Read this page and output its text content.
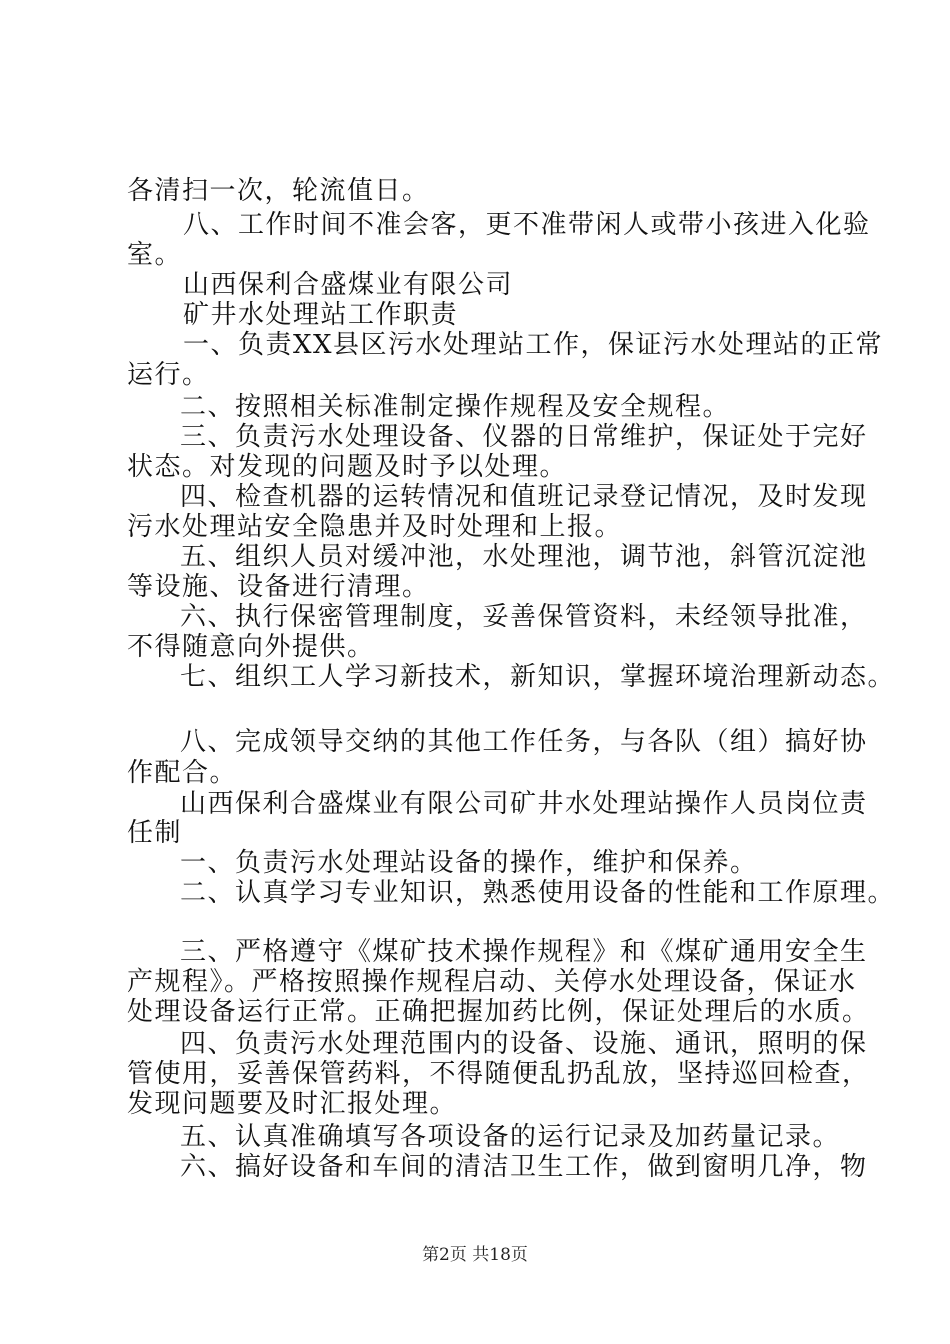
各清扫一次，轮流值日。
八、工作时间不准会客，更不准带闲人或带小孩进入化验
室。
山西保利合盛煤业有限公司
矿井水处理站工作职责
一、负责XX县区污水处理站工作，保证污水处理站的正常
运行。
二、按照相关标准制定操作规程及安全规程。
三、负责污水处理设备、仪器的日常维护，保证处于完好
状态。对发现的问题及时予以处理。
四、检查机器的运转情况和值班记录登记情况，及时发现
污水处理站安全隐患并及时处理和上报。
五、组织人员对缓冲池，水处理池，调节池，斜管沉淀池
等设施、设备进行清理。
六、执行保密管理制度，妥善保管资料，未经领导批准，
不得随意向外提供。
七、组织工人学习新技术，新知识，掌握环境治理新动态。
八、完成领导交纳的其他工作任务，与各队（组）搞好协
作配合。
山西保利合盛煤业有限公司矿井水处理站操作人员岗位责
任制
一、负责污水处理站设备的操作，维护和保养。
二、认真学习专业知识，熟悉使用设备的性能和工作原理。
三、严格遵守《煤矿技术操作规程》和《煤矿通用安全生
产规程》。严格按照操作规程启动、关停水处理设备，保证水
处理设备运行正常。正确把握加药比例，保证处理后的水质。
四、负责污水处理范围内的设备、设施、通讯，照明的保
管使用，妥善保管药料，不得随便乱扔乱放，坚持巡回检查，
发现问题要及时汇报处理。
五、认真准确填写各项设备的运行记录及加药量记录。
六、搞好设备和车间的清洁卫生工作，做到窗明几净，物
第2页 共18页
